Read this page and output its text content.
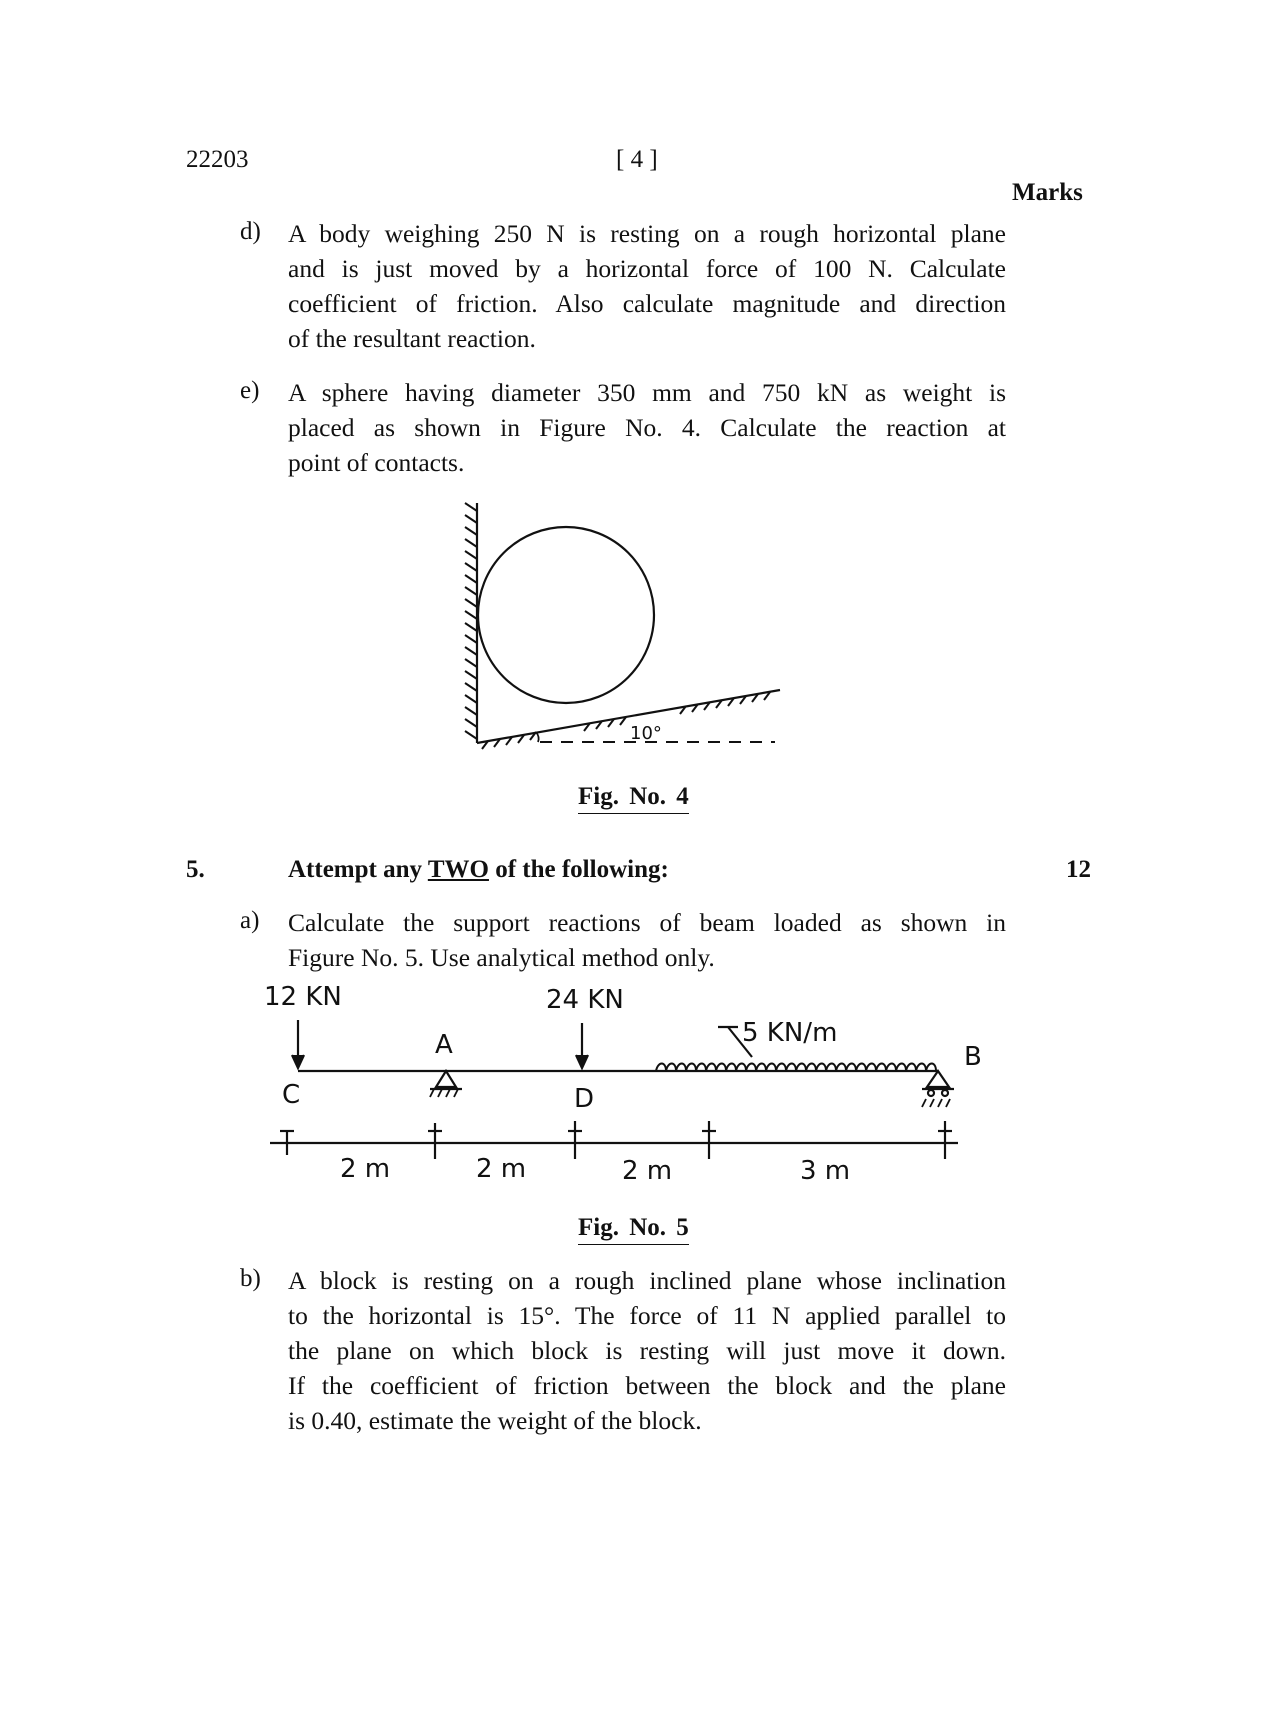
22203	[ 4 ]
Marks
d) A body weighing 250 N is resting on a rough horizontal plane
and is just moved by a horizontal force of 100 N. Calculate
coefficient of friction. Also calculate magnitude and direction
of the resultant reaction.
e) A sphere having diameter 350 mm and 750 kN as weight is
placed as shown in Figure No. 4. Calculate the reaction at
point of contacts.
10°
Fig. No. 4
5.	Attempt any TWO of the following:	12
a) Calculate the support reactions of beam loaded as shown in
Figure No. 5. Use analytical method only.
12 KN	24 KN
5 KN/m
C
A
D
B
2 m	2 m	2 m	3 m
Fig. No. 5
b) A block is resting on a rough inclined plane whose inclination
to the horizontal is 15°. The force of 11 N applied parallel to
the plane on which block is resting will just move it down.
If the coefficient of friction between the block and the plane
is 0.40, estimate the weight of the block.
